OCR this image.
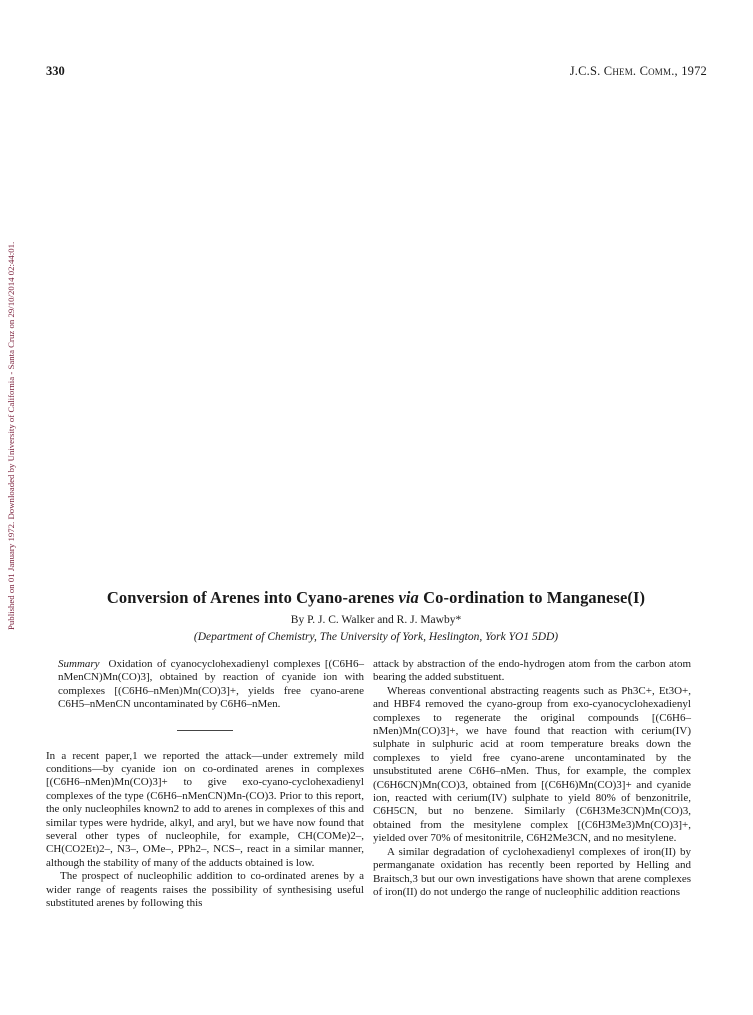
330	J.C.S. Chem. Comm., 1972
Published on 01 January 1972. Downloaded by University of California - Santa Cruz on 29/10/2014 02:44:01.	Conversion of Arenes into Cyano-arenes via Co-ordination to Manganese(I)
By P. J. C. Walker and R. J. Mawby*
(Department of Chemistry, The University of York, Heslington, York YO1 5DD)

Summary Oxidation of cyanocyclohexadienyl complexes [(C6H6–nMenCN)Mn(CO)3], obtained by reaction of cyanide ion with complexes [(C6H6–nMen)Mn(CO)3]+, yields free cyano-arene C6H5–nMenCN uncontaminated by C6H6–nMen.

In a recent paper,1 we reported the attack—under extremely mild conditions—by cyanide ion on co-ordinated arenes in complexes [(C6H6–nMen)Mn(CO)3]+ to give exo-cyano-cyclohexadienyl complexes of the type (C6H6–nMenCN)Mn-(CO)3. Prior to this report, the only nucleophiles known2 to add to arenes in complexes of this and similar types were hydride, alkyl, and aryl, but we have now found that several other types of nucleophile, for example, CH(COMe)2–, CH(CO2Et)2–, N3–, OMe–, PPh2–, NCS–, react in a similar manner, although the stability of many of the adducts obtained is low.

The prospect of nucleophilic addition to co-ordinated arenes by a wider range of reagents raises the possibility of synthesising useful substituted arenes by following this

attack by abstraction of the endo-hydrogen atom from the carbon atom bearing the added substituent.

Whereas conventional abstracting reagents such as Ph3C+, Et3O+, and HBF4 removed the cyano-group from exo-cyanocyclohexadienyl complexes to regenerate the original compounds [(C6H6–nMen)Mn(CO)3]+, we have found that reaction with cerium(IV) sulphate in sulphuric acid at room temperature breaks down the complexes to yield free cyano-arene uncontaminated by the unsubstituted arene C6H6–nMen. Thus, for example, the complex (C6H6CN)Mn(CO)3, obtained from [(C6H6)Mn(CO)3]+ and cyanide ion, reacted with cerium(IV) sulphate to yield 80% of benzonitrile, C6H5CN, but no benzene. Similarly (C6H3Me3CN)Mn(CO)3, obtained from the mesitylene complex [(C6H3Me3)Mn(CO)3]+, yielded over 70% of mesitonitrile, C6H2Me3CN, and no mesitylene.

A similar degradation of cyclohexadienyl complexes of iron(II) by permanganate oxidation has recently been reported by Helling and Braitsch,3 but our own investigations have shown that arene complexes of iron(II) do not undergo the range of nucleophilic addition reactions
